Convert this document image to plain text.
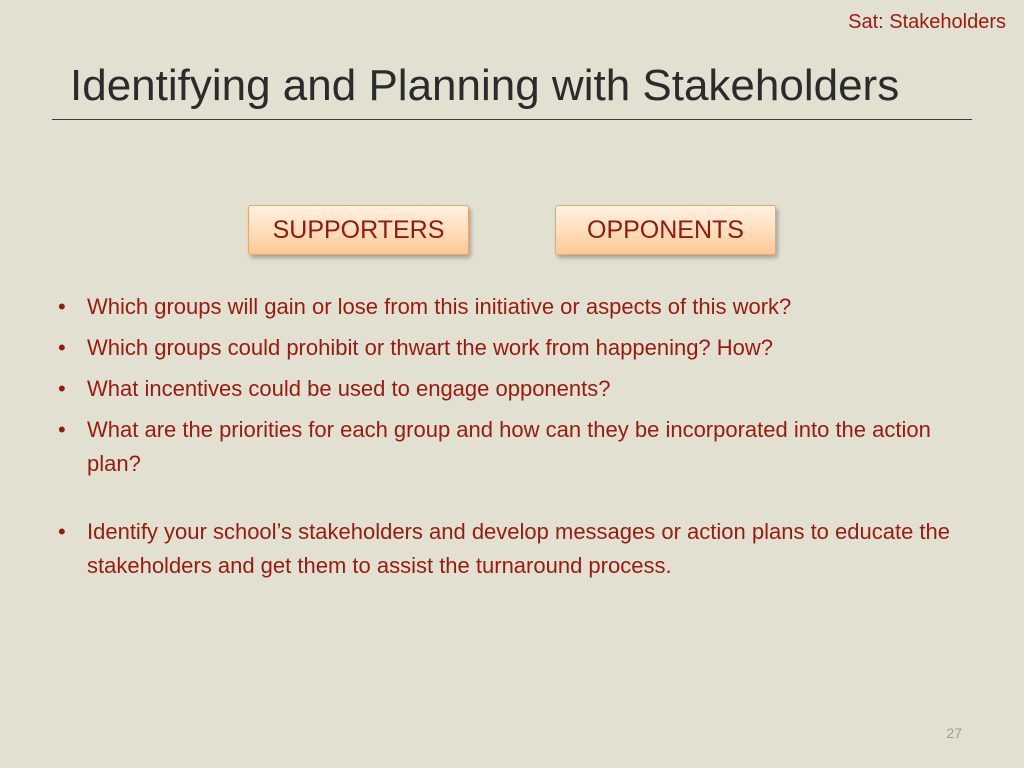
Sat: Stakeholders
Identifying and Planning with Stakeholders
SUPPORTERS	OPPONENTS
• Which groups will gain or lose from this initiative or aspects of this work?
• Which groups could prohibit or thwart the work from happening? How?
• What incentives could be used to engage opponents?
• What are the priorities for each group and how can they be incorporated into the action plan?
• Identify your school’s stakeholders and develop messages or action plans to educate the stakeholders and get them to assist the turnaround process.
27
